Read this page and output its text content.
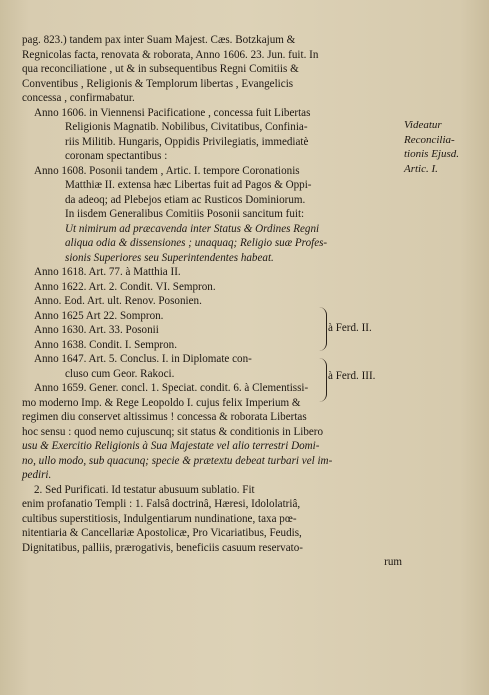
pag. 823.) tandem pax inter Suam Majest. Cæs. Botzkajum &
Regnicolas facta, renovata & roborata, Anno 1606. 23. Jun. fuit. In
qua reconciliatione , ut & in subsequentibus Regni Comitiis &
Conventibus , Religionis & Templorum libertas , Evangelicis
concessa , confirmabatur.
Anno 1606. in Viennensi Pacificatione , concessa fuit Libertas
Religionis Magnatib. Nobilibus, Civitatibus, Confinia-
riis Militib. Hungaris, Oppidis Privilegiatis, immediatè
coronam spectantibus :
Anno 1608. Posonii tandem , Artic. I. tempore Coronationis
Matthiæ II. extensa hæc Libertas fuit ad Pagos & Oppi-
da adeoq; ad Plebejos etiam ac Rusticos Dominiorum.
In iisdem Generalibus Comitiis Posonii sancitum fuit:
Ut nimirum ad præcavenda inter Status & Ordines Regni
aliqua odia & dissensiones ; unaquaq; Religio suæ Profes-
sionis Superiores seu Superintendentes habeat.
Anno 1618. Art. 77. à Matthia II.
Anno 1622. Art. 2. Condit. VI. Sempron.
Anno. Eod. Art. ult. Renov. Posonien.
Anno 1625 Art 22. Sompron.
Anno 1630. Art. 33. Posonii
Anno 1638. Condit. I. Sempron.
Anno 1647. Art. 5. Conclus. I. in Diplomate con-
cluso cum Geor. Rakoci.
Anno 1659. Gener. concl. 1. Speciat. condit. 6. à Clementissi-
mo moderno Imp. & Rege Leopoldo I. cujus felix Imperium &
regimen diu conservet altissimus ! concessa & roborata Libertas
hoc sensu : quod nemo cujuscunq; sit status & conditionis in Libero
usu & Exercitio Religionis à Sua Majestate vel alio terrestri Domi-
no, ullo modo, sub quacunq; specie & prætextu debeat turbari vel im-
pediri.
2. Sed Purificati. Id testatur abusuum sublatio. Fit
enim profanatio Templi : 1. Falsâ doctrinâ, Hæresi, Idololatriâ,
cultibus superstitiosis, Indulgentiarum nundinatione, taxa pœ-
nitentiaria & Cancellariæ Apostolicæ, Pro Vicariatibus, Feudis,
Dignitatibus, palliis, prærogativis, beneficiis casuum reservato-
rum
Videatur
Reconcilia-
tionis Ejusd.
Artic. I.
à Ferd. II.
à Ferd. III.
